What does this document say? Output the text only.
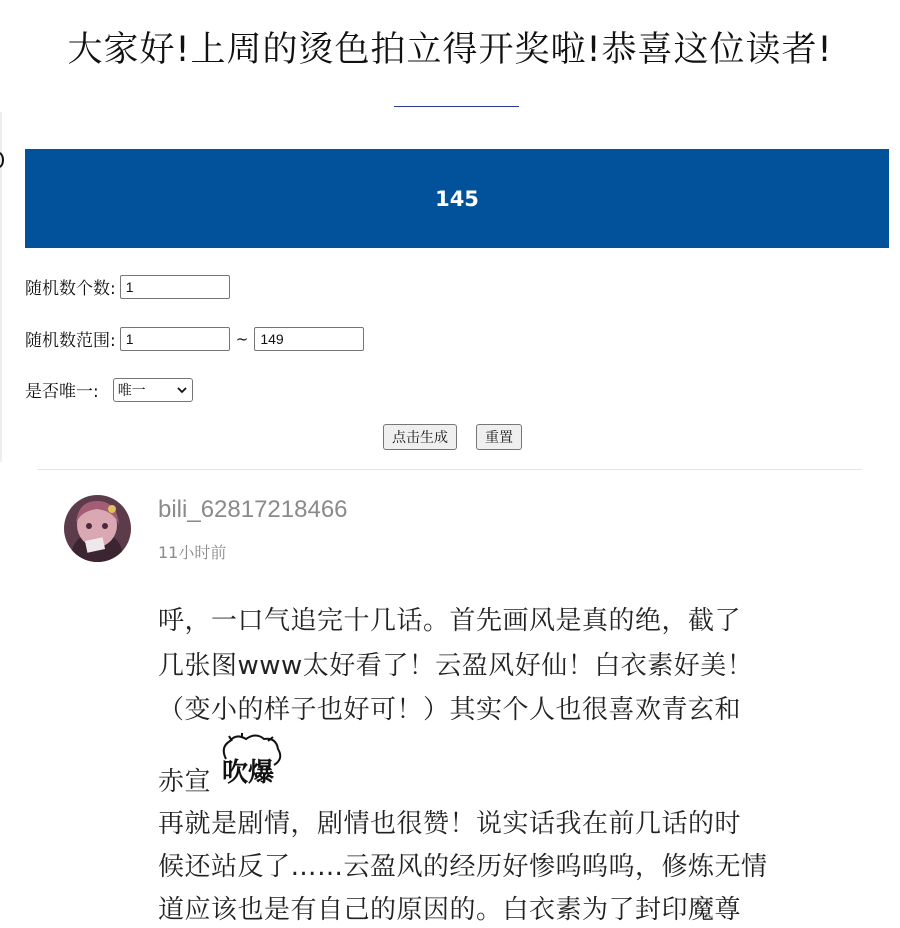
大家好!上周的烫色拍立得开奖啦!恭喜这位读者!
145
随机数个数:
1
随机数范围:
1	~
149
是否唯一: 唯一
点击生成	重置
bili_62817218466
11小时前
呼，一口气追完十几话。首先画风是真的绝，截了
几张图www太好看了！云盈风好仙！白衣素好美！
（变小的样子也好可！）其实个人也很喜欢青玄和
赤宣 吹爆
再就是剧情，剧情也很赞！说实话我在前几话的时
候还站反了……云盈风的经历好惨呜呜呜，修炼无情
道应该也是有自己的原因的。白衣素为了封印魔尊
